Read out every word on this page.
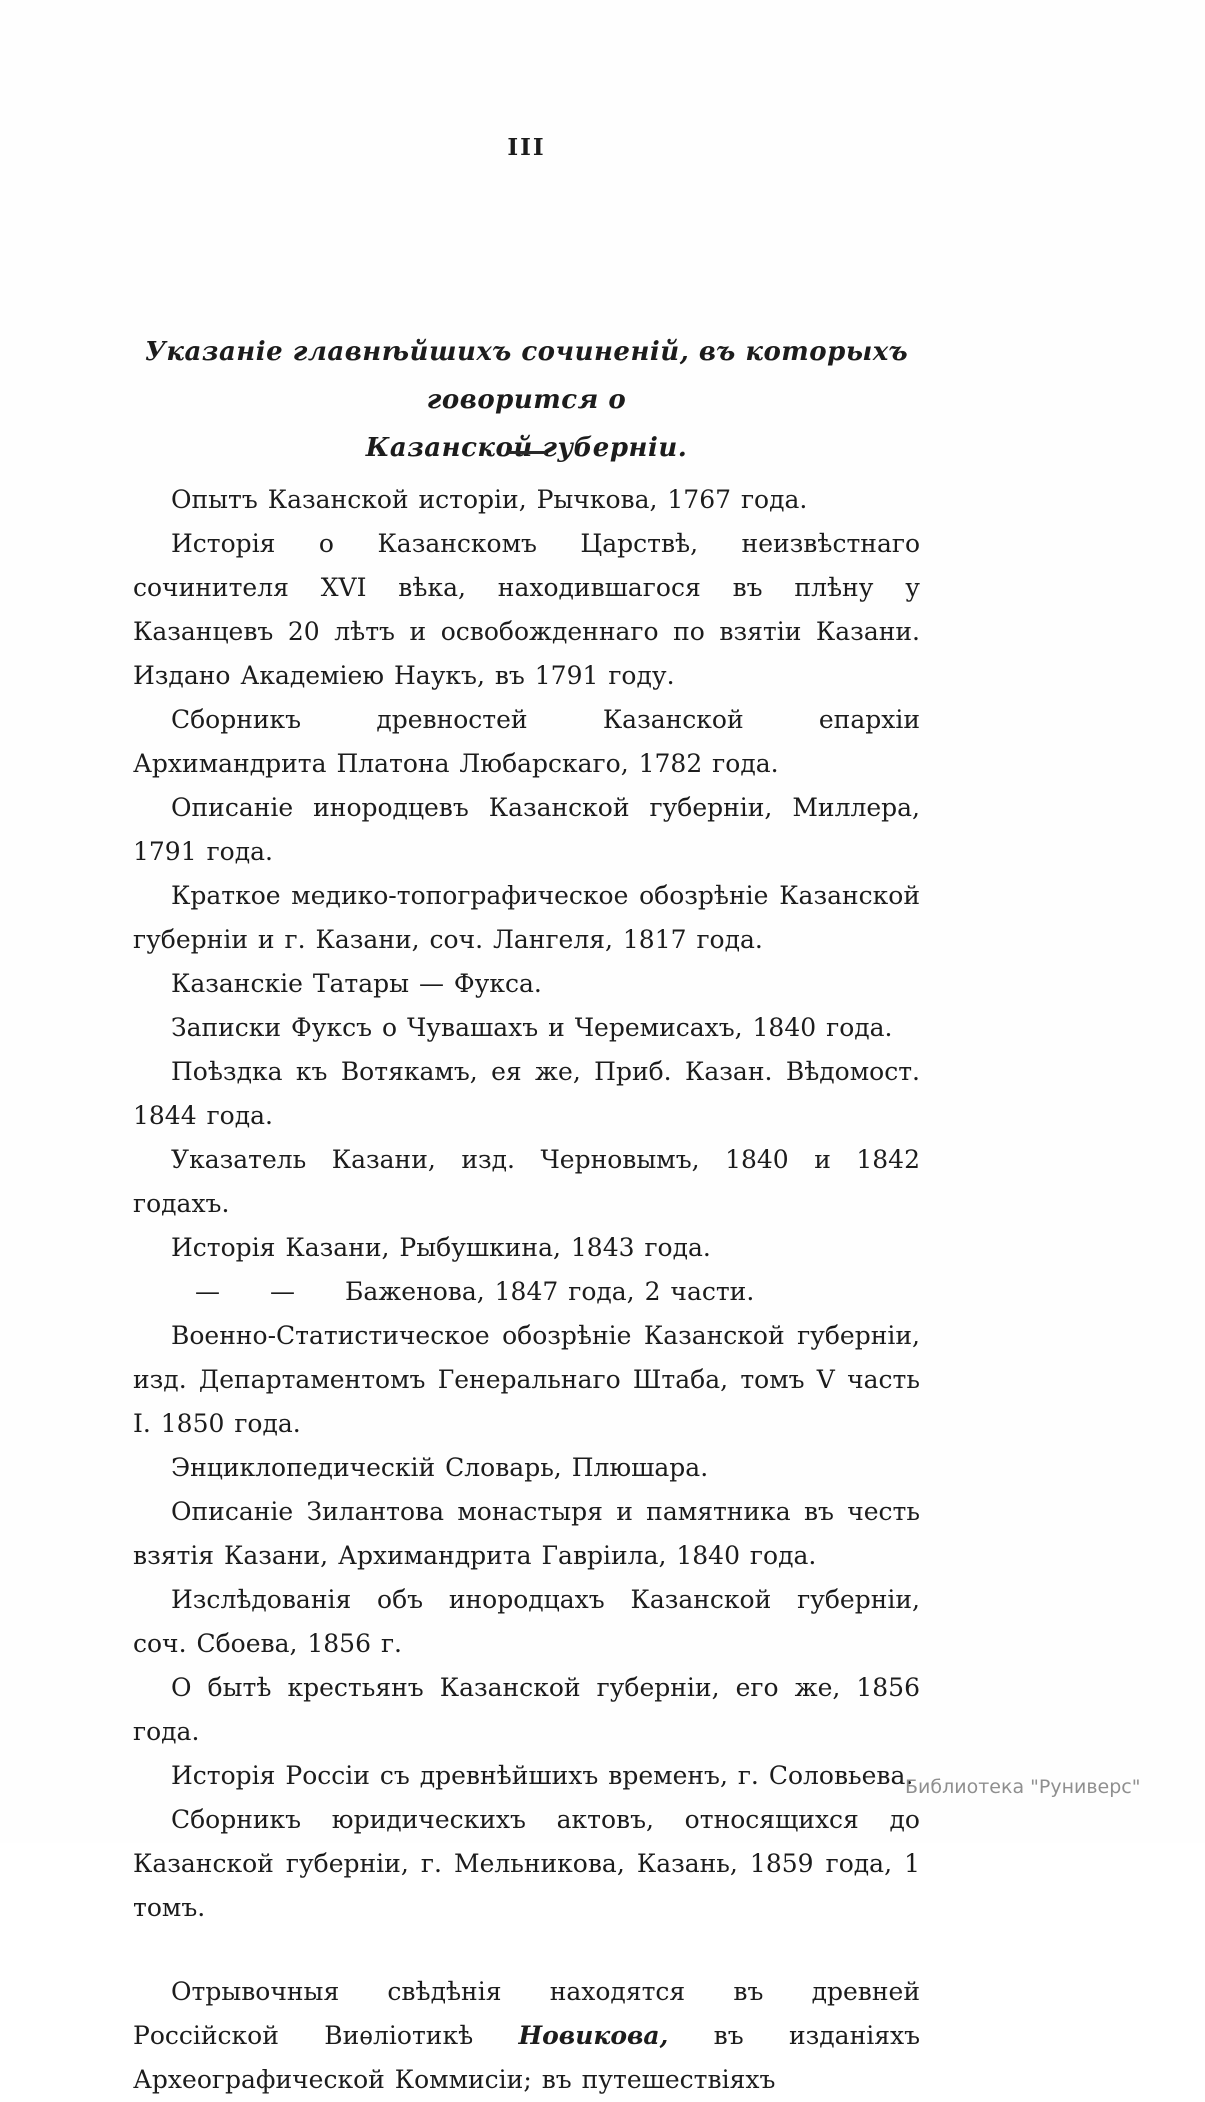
III
Указаніе главнѣйшихъ сочиненій, въ которыхъ говорится о
Казанской губерніи.

Опытъ Казанской исторіи, Рычкова, 1767 года.

Исторія о Казанскомъ Царствѣ, неизвѣстнаго сочинителя XVI вѣка, находившагося въ плѣну у Казанцевъ 20 лѣтъ и освобожденнаго по взятіи Казани. Издано Академіею Наукъ, въ 1791 году.

Сборникъ древностей Казанской епархіи Архимандрита Платона Любарскаго, 1782 года.

Описаніе инородцевъ Казанской губерніи, Миллера, 1791 года.

Краткое медико-топографическое обозрѣніе Казанской губерніи и г. Казани, соч. Лангеля, 1817 года.

Казанскіе Татары — Фукса.

Записки Фуксъ о Чувашахъ и Черемисахъ, 1840 года.

Поѣздка къ Вотякамъ, ея же, Приб. Казан. Вѣдомост. 1844 года.

Указатель Казани, изд. Черновымъ, 1840 и 1842 годахъ.

Исторія Казани, Рыбушкина, 1843 года.

—  —  Баженова, 1847 года, 2 части.

Военно-Статистическое обозрѣніе Казанской губерніи, изд. Департаментомъ Генеральнаго Штаба, томъ V часть I. 1850 года.

Энциклопедическій Словарь, Плюшара.

Описаніе Зилантова монастыря и памятника въ честь взятія Казани, Архимандрита Гавріила, 1840 года.

Изслѣдованія объ инородцахъ Казанской губерніи, соч. Сбоева, 1856 г.

О бытѣ крестьянъ Казанской губерніи, его же, 1856 года.

Исторія Россіи съ древнѣйшихъ временъ, г. Соловьева.

Сборникъ юридическихъ актовъ, относящихся до Казанской губерніи, г. Мельникова, Казань, 1859 года, 1 томъ.

Отрывочныя свѣдѣнія находятся въ древней Россійской Виѳліотикѣ Новикова, въ изданіяхъ Археографической Коммисіи; въ путешествіяхъ

Библиотека "Руниверс"
